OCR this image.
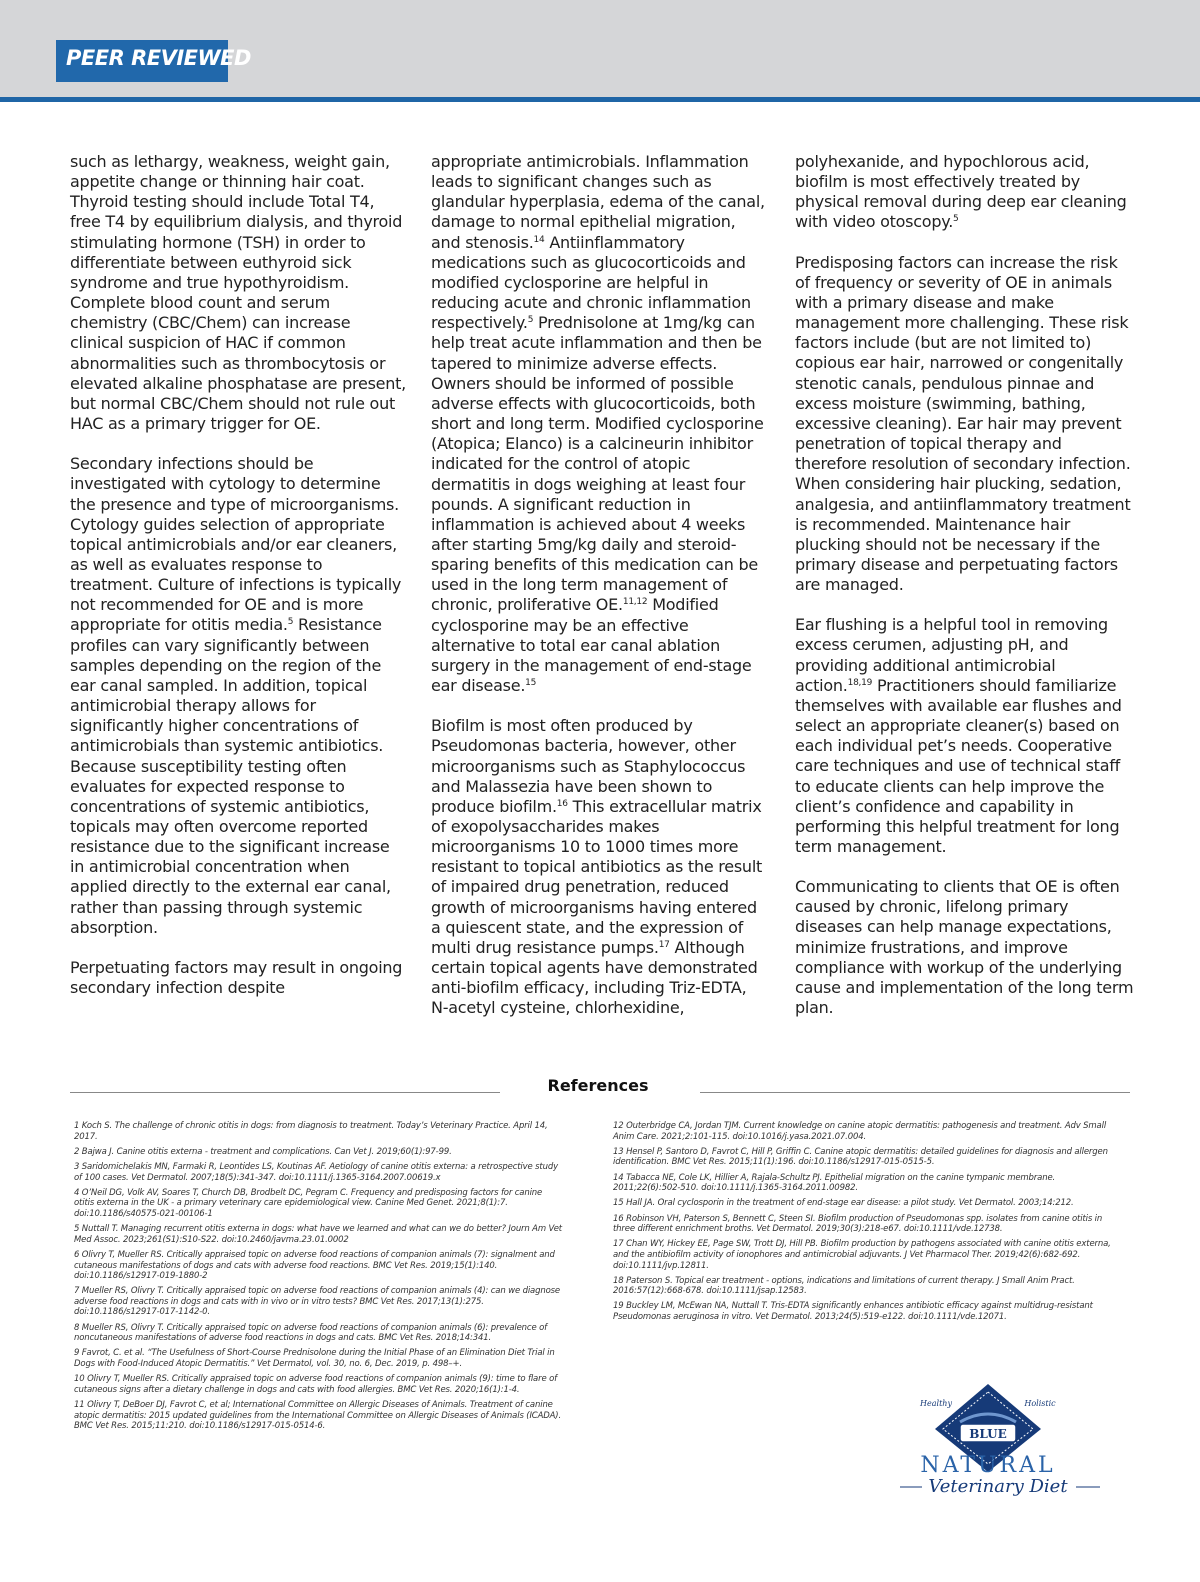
PEER REVIEWED

such as lethargy, weakness, weight gain, appetite change or thinning hair coat. Thyroid testing should include Total T4, free T4 by equilibrium dialysis, and thyroid stimulating hormone (TSH) in order to differentiate between euthyroid sick syndrome and true hypothyroidism. Complete blood count and serum chemistry (CBC/Chem) can increase clinical suspicion of HAC if common abnormalities such as thrombocytosis or elevated alkaline phosphatase are present, but normal CBC/Chem should not rule out HAC as a primary trigger for OE.

Secondary infections should be investigated with cytology to determine the presence and type of microorganisms. Cytology guides selection of appropriate topical antimicrobials and/or ear cleaners, as well as evaluates response to treatment. Culture of infections is typically not recommended for OE and is more appropriate for otitis media.$^5$ Resistance profiles can vary significantly between samples depending on the region of the ear canal sampled. In addition, topical antimicrobial therapy allows for significantly higher concentrations of antimicrobials than systemic antibiotics. Because susceptibility testing often evaluates for expected response to concentrations of systemic antibiotics, topicals may often overcome reported resistance due to the significant increase in antimicrobial concentration when applied directly to the external ear canal, rather than passing through systemic absorption.

Perpetuating factors may result in ongoing secondary infection despite

appropriate antimicrobials. Inflammation leads to significant changes such as glandular hyperplasia, edema of the canal, damage to normal epithelial migration, and stenosis.$^{14}$ Antiinflammatory medications such as glucocorticoids and modified cyclosporine are helpful in reducing acute and chronic inflammation respectively.$^5$ Prednisolone at 1mg/kg can help treat acute inflammation and then be tapered to minimize adverse effects. Owners should be informed of possible adverse effects with glucocorticoids, both short and long term. Modified cyclosporine (Atopica; Elanco) is a calcineurin inhibitor indicated for the control of atopic dermatitis in dogs weighing at least four pounds. A significant reduction in inflammation is achieved about 4 weeks after starting 5mg/kg daily and steroid-sparing benefits of this medication can be used in the long term management of chronic, proliferative OE.$^{11,12}$ Modified cyclosporine may be an effective alternative to total ear canal ablation surgery in the management of end-stage ear disease.$^{15}$

Biofilm is most often produced by Pseudomonas bacteria, however, other microorganisms such as Staphylococcus and Malassezia have been shown to produce biofilm.$^{16}$ This extracellular matrix of exopolysaccharides makes microorganisms 10 to 1000 times more resistant to topical antibiotics as the result of impaired drug penetration, reduced growth of microorganisms having entered a quiescent state, and the expression of multi drug resistance pumps.$^{17}$ Although certain topical agents have demonstrated anti-biofilm efficacy, including Triz-EDTA, N-acetyl cysteine, chlorhexidine,

polyhexanide, and hypochlorous acid, biofilm is most effectively treated by physical removal during deep ear cleaning with video otoscopy.$^5$

Predisposing factors can increase the risk of frequency or severity of OE in animals with a primary disease and make management more challenging. These risk factors include (but are not limited to) copious ear hair, narrowed or congenitally stenotic canals, pendulous pinnae and excess moisture (swimming, bathing, excessive cleaning). Ear hair may prevent penetration of topical therapy and therefore resolution of secondary infection. When considering hair plucking, sedation, analgesia, and antiinflammatory treatment is recommended. Maintenance hair plucking should not be necessary if the primary disease and perpetuating factors are managed.

Ear flushing is a helpful tool in removing excess cerumen, adjusting pH, and providing additional antimicrobial action.$^{18,19}$ Practitioners should familiarize themselves with available ear flushes and select an appropriate cleaner(s) based on each individual pet’s needs. Cooperative care techniques and use of technical staff to educate clients can help improve the client’s confidence and capability in performing this helpful treatment for long term management.

Communicating to clients that OE is often caused by chronic, lifelong primary diseases can help manage expectations, minimize frustrations, and improve compliance with workup of the underlying cause and implementation of the long term plan.

References

1 Koch S. The challenge of chronic otitis in dogs: from diagnosis to treatment. Today’s Veterinary Practice. April 14, 2017.

2 Bajwa J. Canine otitis externa - treatment and complications. Can Vet J. 2019;60(1):97-99.

3 Saridomichelakis MN, Farmaki R, Leontides LS, Koutinas AF. Aetiology of canine otitis externa: a retrospective study of 100 cases. Vet Dermatol. 2007;18(5):341-347. doi:10.1111/j.1365-3164.2007.00619.x

4 O’Neil DG, Volk AV, Soares T, Church DB, Brodbelt DC, Pegram C. Frequency and predisposing factors for canine otitis externa in the UK - a primary veterinary care epidemiological view. Canine Med Genet. 2021;8(1):7. doi:10.1186/s40575-021-00106-1

5 Nuttall T. Managing recurrent otitis externa in dogs: what have we learned and what can we do better? Journ Am Vet Med Assoc. 2023;261(S1):S10-S22. doi:10.2460/javma.23.01.0002

6 Olivry T, Mueller RS. Critically appraised topic on adverse food reactions of companion animals (7): signalment and cutaneous manifestations of dogs and cats with adverse food reactions. BMC Vet Res. 2019;15(1):140. doi:10.1186/s12917-019-1880-2

7 Mueller RS, Olivry T. Critically appraised topic on adverse food reactions of companion animals (4): can we diagnose adverse food reactions in dogs and cats with in vivo or in vitro tests? BMC Vet Res. 2017;13(1):275. doi:10.1186/s12917-017-1142-0.

8 Mueller RS, Olivry T. Critically appraised topic on adverse food reactions of companion animals (6): prevalence of noncutaneous manifestations of adverse food reactions in dogs and cats. BMC Vet Res. 2018;14:341.

9 Favrot, C. et al. “The Usefulness of Short-Course Prednisolone during the Initial Phase of an Elimination Diet Trial in Dogs with Food-Induced Atopic Dermatitis.” Vet Dermatol, vol. 30, no. 6, Dec. 2019, p. 498–+.

10 Olivry T, Mueller RS. Critically appraised topic on adverse food reactions of companion animals (9): time to flare of cutaneous signs after a dietary challenge in dogs and cats with food allergies. BMC Vet Res. 2020;16(1):1-4.

11 Olivry T, DeBoer DJ, Favrot C, et al; International Committee on Allergic Diseases of Animals. Treatment of canine atopic dermatitis: 2015 updated guidelines from the International Committee on Allergic Diseases of Animals (ICADA). BMC Vet Res. 2015;11:210. doi:10.1186/s12917-015-0514-6.

12 Outerbridge CA, Jordan TJM. Current knowledge on canine atopic dermatitis: pathogenesis and treatment. Adv Small Anim Care. 2021;2:101-115. doi:10.1016/j.yasa.2021.07.004.

13 Hensel P, Santoro D, Favrot C, Hill P, Griffin C. Canine atopic dermatitis: detailed guidelines for diagnosis and allergen identification. BMC Vet Res. 2015;11(1):196. doi:10.1186/s12917-015-0515-5.

14 Tabacca NE, Cole LK, Hillier A, Rajala-Schultz PJ. Epithelial migration on the canine tympanic membrane. 2011;22(6):502-510. doi:10.1111/j.1365-3164.2011.00982.

15 Hall JA. Oral cyclosporin in the treatment of end-stage ear disease: a pilot study. Vet Dermatol. 2003;14:212.

16 Robinson VH, Paterson S, Bennett C, Steen SI. Biofilm production of Pseudomonas spp. isolates from canine otitis in three different enrichment broths. Vet Dermatol. 2019;30(3):218-e67. doi:10.1111/vde.12738.

17 Chan WY, Hickey EE, Page SW, Trott DJ, Hill PB. Biofilm production by pathogens associated with canine otitis externa, and the antibiofilm activity of ionophores and antimicrobial adjuvants. J Vet Pharmacol Ther. 2019;42(6):682-692. doi:10.1111/jvp.12811.

18 Paterson S. Topical ear treatment - options, indications and limitations of current therapy. J Small Anim Pract. 2016:57(12):668-678. doi:10.1111/jsap.12583.

19 Buckley LM, McEwan NA, Nuttall T. Tris-EDTA significantly enhances antibiotic efficacy against multidrug-resistant Pseudomonas aeruginosa in vitro. Vet Dermatol. 2013;24(5):519-e122. doi:10.1111/vde.12071.

BLUE
Healthy	Holistic
NATURAL
Veterinary Diet
